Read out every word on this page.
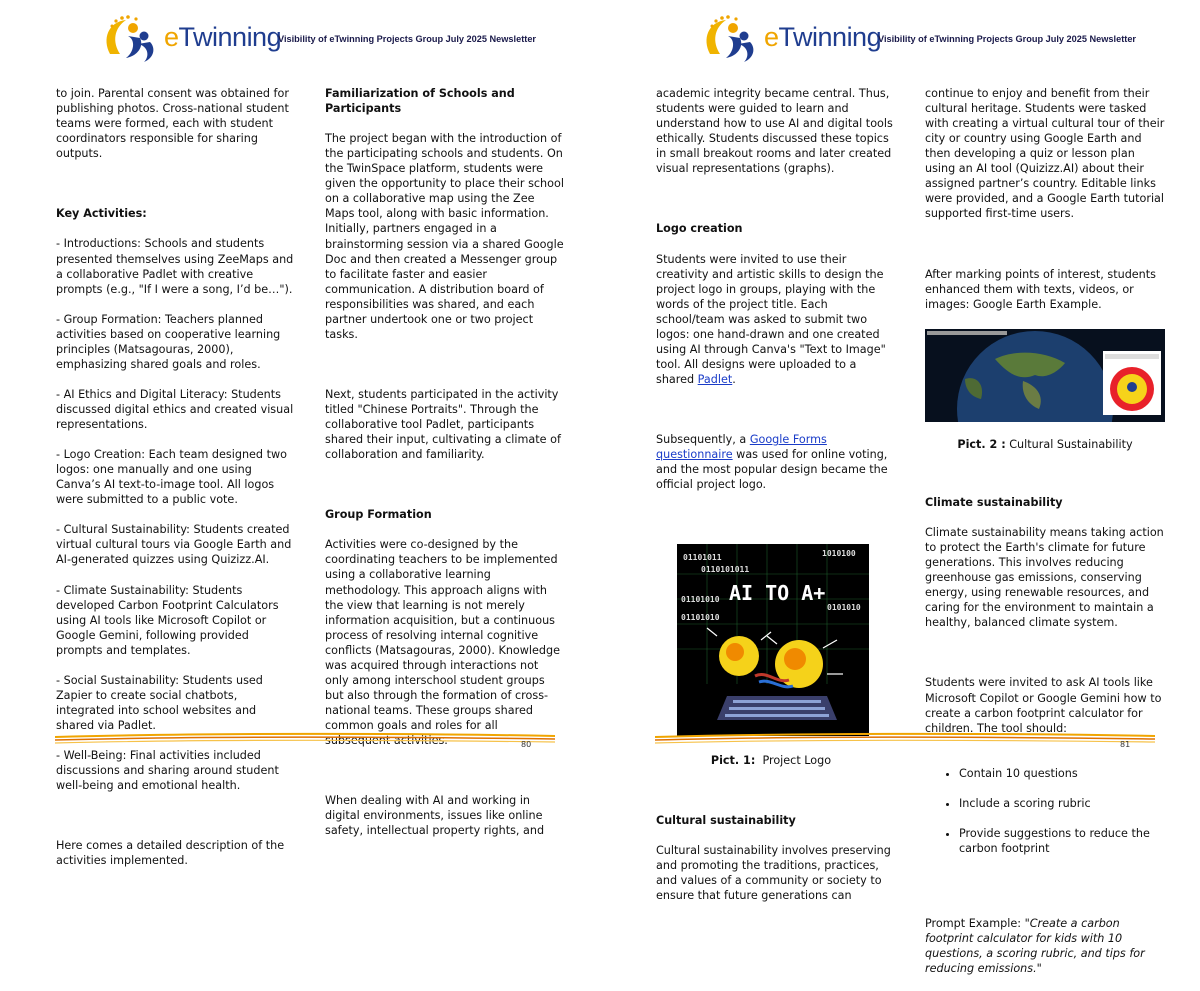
eTwinning
Visibility of eTwinning Projects Group July 2025 Newsletter

to join. Parental consent was obtained for publishing photos. Cross-national student teams were formed, each with student coordinators responsible for sharing outputs.

Key Activities:

- Introductions: Schools and students presented themselves using ZeeMaps and a collaborative Padlet with creative prompts (e.g., "If I were a song, I’d be…").

- Group Formation: Teachers planned activities based on cooperative learning principles (Matsagouras, 2000), emphasizing shared goals and roles.

- AI Ethics and Digital Literacy: Students discussed digital ethics and created visual representations.

- Logo Creation: Each team designed two logos: one manually and one using Canva’s AI text-to-image tool. All logos were submitted to a public vote.

- Cultural Sustainability: Students created virtual cultural tours via Google Earth and AI-generated quizzes using Quizizz.AI.

- Climate Sustainability: Students developed Carbon Footprint Calculators using AI tools like Microsoft Copilot or Google Gemini, following provided prompts and templates.

- Social Sustainability: Students used Zapier to create social chatbots, integrated into school websites and shared via Padlet.

- Well-Being: Final activities included discussions and sharing around student well-being and emotional health.

Here comes a detailed description of the activities implemented.

Familiarization of Schools and Participants

The project began with the introduction of the participating schools and students. On the TwinSpace platform, students were given the opportunity to place their school on a collaborative map using the Zee Maps tool, along with basic information. Initially, partners engaged in a brainstorming session via a shared Google Doc and then created a Messenger group to facilitate faster and easier communication. A distribution board of responsibilities was shared, and each partner undertook one or two project tasks.

Next, students participated in the activity titled "Chinese Portraits". Through the collaborative tool Padlet, participants shared their input, cultivating a climate of collaboration and familiarity.

Group Formation

Activities were co-designed by the coordinating teachers to be implemented using a collaborative learning methodology. This approach aligns with the view that learning is not merely information acquisition, but a continuous process of resolving internal cognitive conflicts (Matsagouras, 2000). Knowledge was acquired through interactions not only among interschool student groups but also through the formation of cross-national teams. These groups shared common goals and roles for all subsequent activities.

When dealing with AI and working in digital environments, issues like online safety, intellectual property rights, and

80
eTwinning
Visibility of eTwinning Projects Group July 2025 Newsletter

academic integrity became central. Thus, students were guided to learn and understand how to use AI and digital tools ethically. Students discussed these topics in small breakout rooms and later created visual representations (graphs).

Logo creation

Students were invited to use their creativity and artistic skills to design the project logo in groups, playing with the words of the project title. Each school/team was asked to submit two logos: one hand-drawn and one created using AI through Canva's "Text to Image" tool. All designs were uploaded to a shared Padlet.

Subsequently, a Google Forms questionnaire was used for online voting, and the most popular design became the official project logo.

01101011
0110101011
1010100
01101010
01101010
0101010
AI TO A+

Pict. 1: Project Logo

Cultural sustainability

Cultural sustainability involves preserving and promoting the traditions, practices, and values of a community or society to ensure that future generations can

continue to enjoy and benefit from their cultural heritage. Students were tasked with creating a virtual cultural tour of their city or country using Google Earth and then developing a quiz or lesson plan using an AI tool (Quizizz.AI) about their assigned partner’s country. Editable links were provided, and a Google Earth tutorial supported first-time users.

After marking points of interest, students enhanced them with texts, videos, or images: Google Earth Example.

Pict. 2 : Cultural Sustainability

Climate sustainability

Climate sustainability means taking action to protect the Earth's climate for future generations. This involves reducing greenhouse gas emissions, conserving energy, using renewable resources, and caring for the environment to maintain a healthy, balanced climate system.

Students were invited to ask AI tools like Microsoft Copilot or Google Gemini how to create a carbon footprint calculator for children. The tool should:

• Contain 10 questions

• Include a scoring rubric

• Provide suggestions to reduce the carbon footprint

Prompt Example: "Create a carbon footprint calculator for kids with 10 questions, a scoring rubric, and tips for reducing emissions."

81
